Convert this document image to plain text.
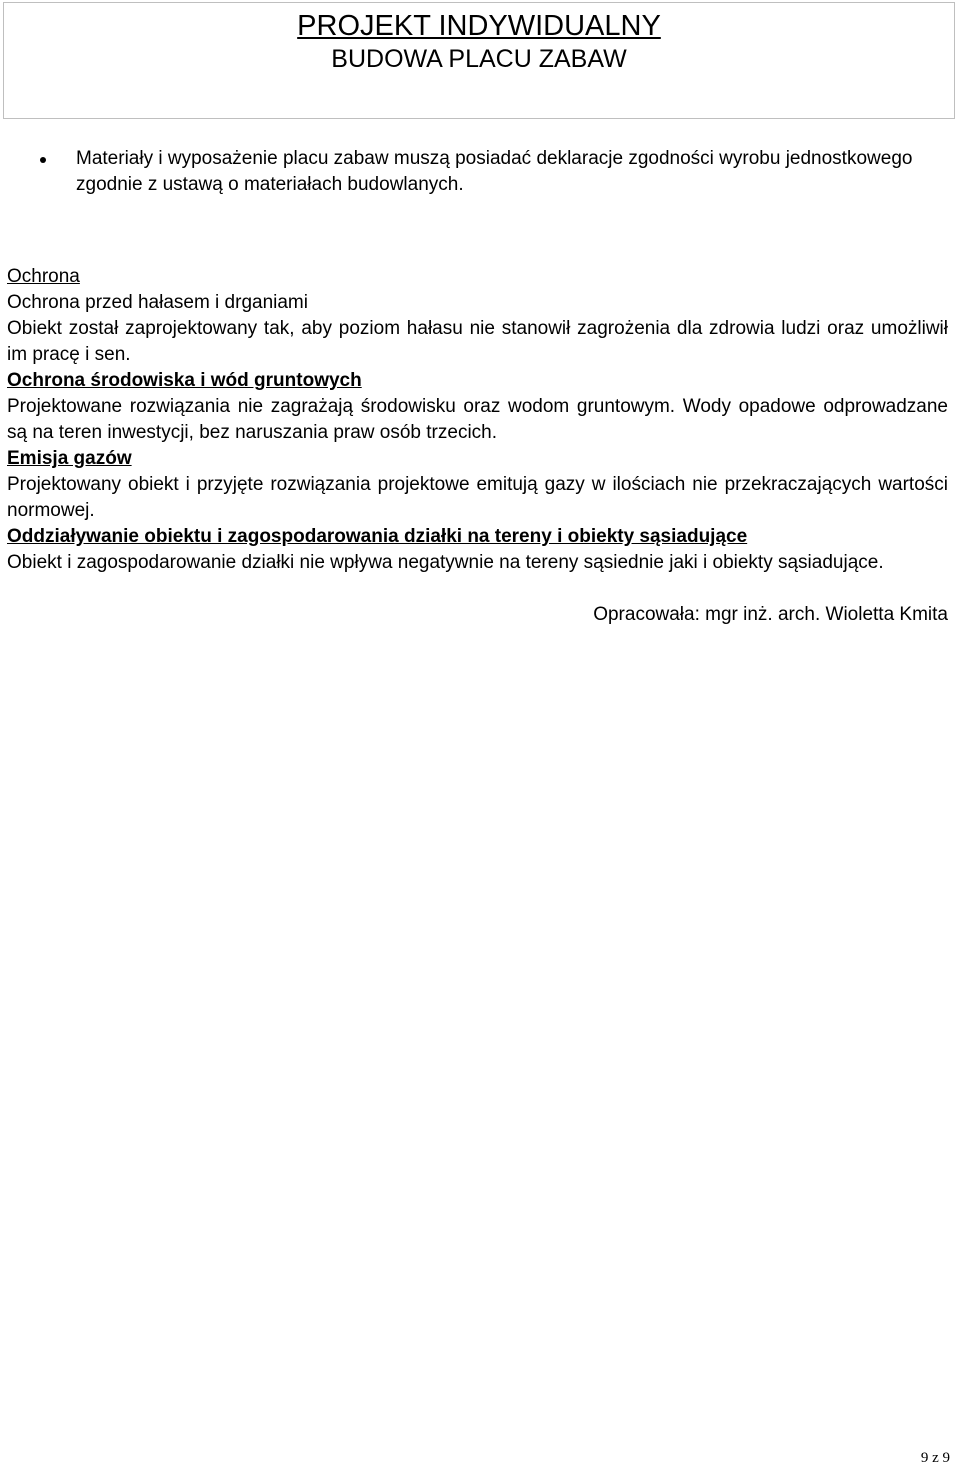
PROJEKT INDYWIDUALNY
BUDOWA PLACU ZABAW
Materiały i wyposażenie placu zabaw muszą posiadać deklaracje zgodności wyrobu jednostkowego zgodnie z ustawą o materiałach budowlanych.
Ochrona
Ochrona przed hałasem i drganiami
Obiekt został zaprojektowany tak, aby poziom hałasu nie stanowił zagrożenia dla zdrowia ludzi oraz umożliwił im pracę i sen.
Ochrona środowiska i wód gruntowych
Projektowane rozwiązania nie zagrażają środowisku oraz wodom gruntowym. Wody opadowe odprowadzane są na teren inwestycji, bez naruszania praw osób trzecich.
Emisja gazów
Projektowany obiekt i przyjęte rozwiązania projektowe emitują gazy w ilościach nie przekraczających wartości normowej.
Oddziaływanie obiektu i zagospodarowania działki na tereny i obiekty sąsiadujące
Obiekt i zagospodarowanie działki nie wpływa negatywnie na tereny sąsiednie jaki i obiekty sąsiadujące.
Opracowała: mgr inż. arch. Wioletta Kmita
9 z 9
